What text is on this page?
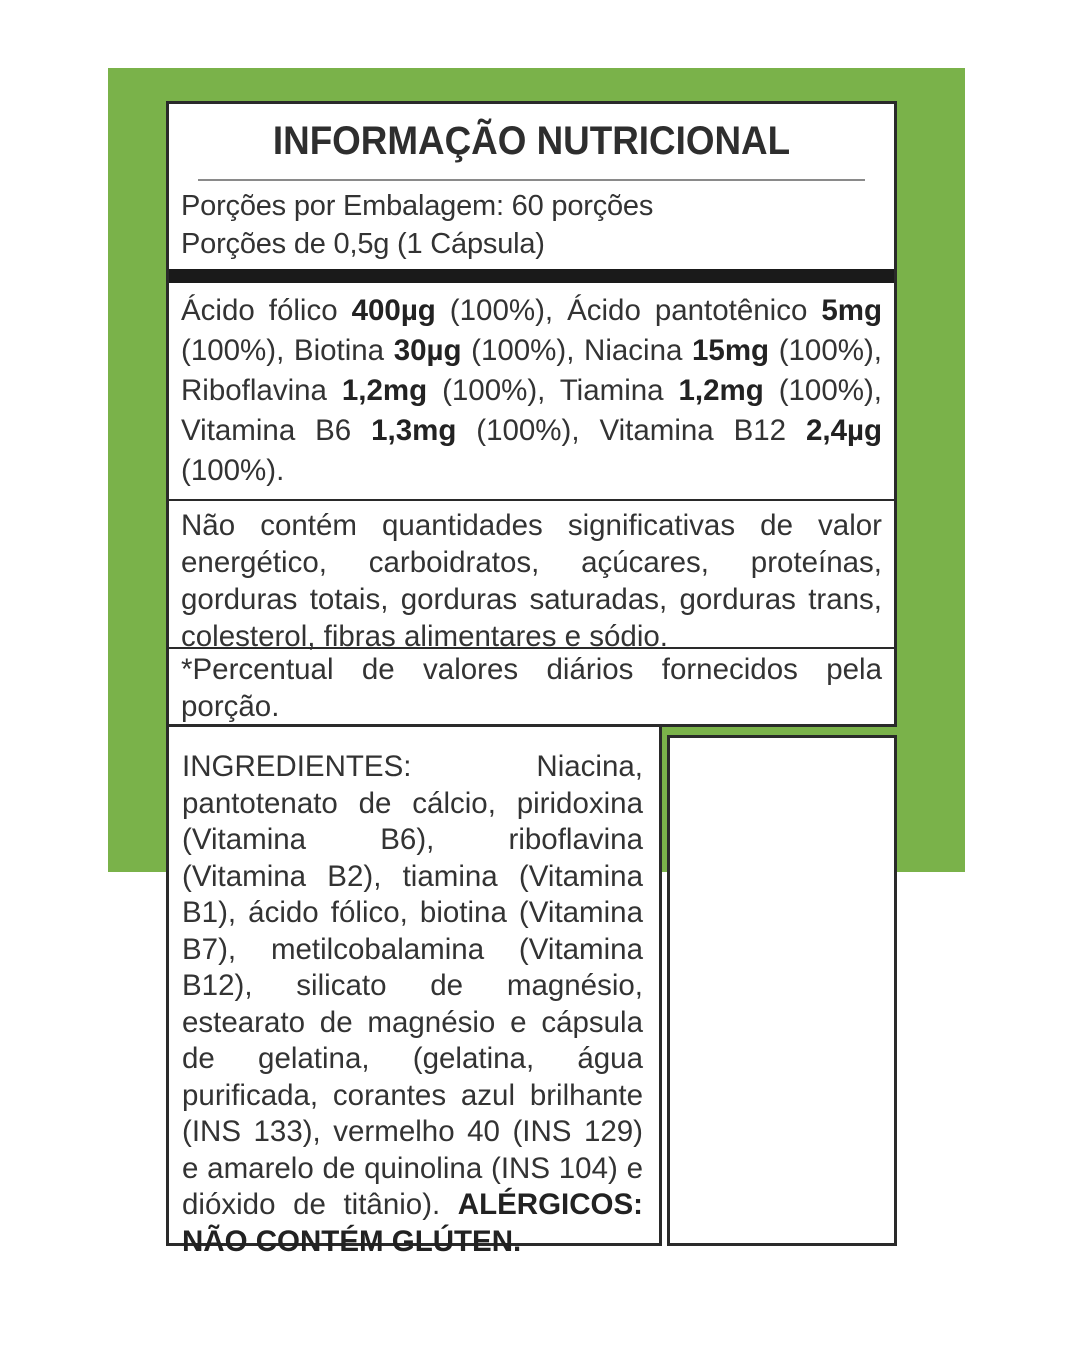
INFORMAÇÃO NUTRICIONAL
Porções por Embalagem: 60 porções
Porções de 0,5g (1 Cápsula)
Ácido fólico 400µg (100%), Ácido pantotênico 5mg (100%), Biotina 30µg (100%), Niacina 15mg (100%), Riboflavina 1,2mg (100%), Tiamina 1,2mg (100%), Vitamina B6 1,3mg (100%), Vitamina B12 2,4µg (100%).
Não contém quantidades significativas de valor energético, carboidratos, açúcares, proteínas, gorduras totais, gorduras saturadas, gorduras trans, colesterol, fibras alimentares e sódio.
*Percentual de valores diários fornecidos pela porção.
INGREDIENTES: Niacina, pantotenato de cálcio, piridoxina (Vitamina B6), riboflavina (Vitamina B2), tiamina (Vitamina B1), ácido fólico, biotina (Vitamina B7), metilcobalamina (Vitamina B12), silicato de magnésio, estearato de magnésio e cápsula de gelatina, (gelatina, água purificada, corantes azul brilhante (INS 133), vermelho 40 (INS 129) e amarelo de quinolina (INS 104) e dióxido de titânio). ALÉRGICOS: NÃO CONTÉM GLÚTEN.
